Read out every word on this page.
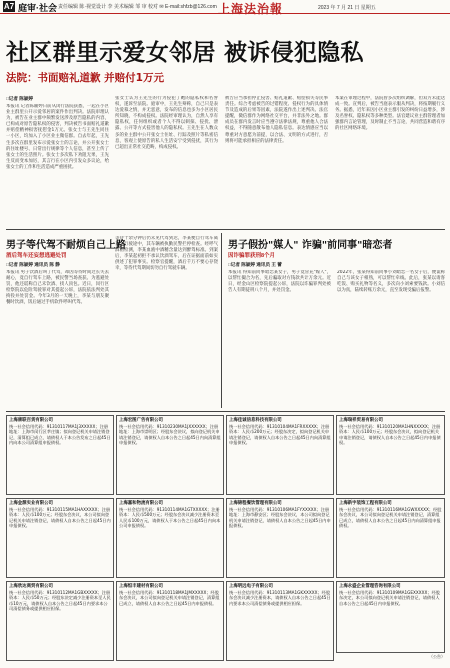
A7 庭审·社会 责任编辑 陈·视觉设计 李 美术编辑 邹 审 校对 ✉ E-mail:shfzb@126.com 上海法治報	2023 年 7 月 21 日 星期五
社区群里示爱女邻居 被诉侵犯隐私
法院：书面赔礼道歉 并赔付1万元
□记者 陈颖婷
本报讯 记者陈颖婷日前从闵行法院获悉，一起在小区业主群里公开示爱邻居的案件作出判决。法院审理认为，被告在业主群中频繁发送涉及原告隐私的内容，已构成对原告隐私权的侵害，判决被告书面赔礼道歉并赔偿精神损害抚慰金1万元。张女士与王先生同住一小区，均加入了小区业主微信群。自去年起，王先生多次在群里发布示爱张女士的言论，并公开张女士的住址楼号、日常出行规律等个人信息，甚至上传了张女士的生活照片。张女士多次私下劝阻无果，王先生反而变本加厉，其言行在小区内引发众多议论，给张女士的工作和生活造成严重困扰。
张女士认为王先生的行为侵犯了她的隐私权和名誉权，遂诉至法院。庭审中，王先生辩称，自己只是表达爱慕之情，并无恶意，发布的信息也多为小区居民所知晓，不构成侵权。法院经审理认为，自然人享有隐私权，任何组织或者个人不得以刺探、侵扰、泄露、公开等方式侵害他人的隐私权。王先生在人数众多的业主群中公开张女士住址、行踪及照片等私密信息，客观上使原告的私人生活安宁受到侵扰，其行为已超出正常社交范畴，构成侵权。
被告应当承担停止侵害、赔礼道歉、赔偿损失等民事责任。综合考虑被告的过错程度、侵权行为的具体情节及造成的后果等因素，法院遂作出上述判决。法官提醒，微信群作为网络社交平台，并非法外之地。群成员在群内发言时应当遵守法律法规，尊重他人合法权益，不得随意散布他人隐私信息。表达情感应当以尊重对方意愿为前提，以合法、文明的方式进行，否则将可能承担相应的法律责任。
本案在审理过程中，法院曾多次组织调解，但双方未能达成一致。宣判后，被告当庭表示服从判决，将按期履行义务。据悉，近年来因小区业主群引发的纠纷日益增多，涉及名誉权、隐私权等多种类型。法官建议业主群管理者加强群内言论管理，及时制止不当言论，共同营造和谐有序的社区网络环境。
男子等代驾不耐烦自己上路
酒后驾车还妄想逃避处罚
□记者 陈颖婷 通讯员 陈 静
本报讯 男子饮酒后叫了代驾，却因等待时间过长失去耐心，竟自行驾车上路，被民警当场查获。为逃避处罚，他还谎称自己未饮酒、找人顶包。近日，闵行区检察院以危险驾驶罪对其提起公诉，法院依法判处其拘役并处罚金。今年3月的一天晚上，李某与朋友聚餐时饮酒，饭后通过手机软件呼叫代驾。
等待十余分钟后仍未见代驾到达，李某便自行驾车离开。行驶途中，其车辆被执勤民警拦停检查。经呼气酒精检测，李某血液中酒精含量达到醉驾标准。到案后，李某起初拒不承认饮酒驾车，后在证据面前如实供述了犯罪事实。检察官提醒，酒后千万不要心存侥幸，等待代驾期间切勿自行驾驶车辆。
男子假扮"媒人" 诈骗"前同事"暗恋者
因诈骗罪获刑8个月
□记者 陈颖婷 通讯员 王 蕾
本报讯 得知前同事暗恋某女子，男子竟冒充"媒人"，以帮忙撮合为名，先后骗取对方钱款共计万余元。近日，经金山区检察院提起公诉，法院以诈骗罪判处被告人有期徒刑八个月，并处罚金。
2022年，张某得知前同事小刘暗恋一名女子后，便谎称自己与该女子相熟，可以帮忙牵线。此后，张某以请客吃饭、购买礼物等名义，多次向小刘索要钱款。小刘信以为真，陆续转账万余元，直至发现受骗后报警。
上海康联百货有限公司
统一社会信用代码：91310117MA1J3XXXXX；注册地址：上海市闵行区莘庄镇；拟向登记机关申请注销登记，清算组已成立，请债权人于本公告发布之日起45日内向本公司清算组申报债权。
上海金源实业有限公司
统一社会信用代码：91310115MA1HAXXXXX；注册资本：人民币100万元；经股东会决议，本公司拟向登记机关申请注销登记，请债权人自本公告之日起45日内申报债权。
上海欣达商贸有限公司
统一社会信用代码：91310112MA1GBXXXXX；注册资本：人民币50万元；经股东决定减少注册资本至人民币10万元，请债权人自本公告之日起45日内要求本公司清偿债务或提供相应担保。
上海宏图广告有限公司
统一社会信用代码：91310230MA1JXXXXXX；注册地址：上海市崇明区；经股东会决议，拟向登记机关申请注销登记，请债权人自本公告之日起45日内向清算组申报债权。
上海嘉和物流有限公司
统一社会信用代码：91310114MA1GTXXXXX；注册资本：人民币500万元；经股东会决议减少注册资本至人民币100万元，请债权人于本公告之日起45日内向本公司申报债权。
上海恒丰建材有限公司
统一社会信用代码：91310118MA1JMXXXXX；经股东会决议，本公司拟向登记机关申请注销登记，清算组已成立，请债权人自本公告之日起45日内申报债权。
上海佳诚信息科技有限公司
统一社会信用代码：91310104MA1FRXXXXX；注册资本：人民币200万元；经股东决定，拟向登记机关申请注销登记，请债权人自本公告之日起45日内向清算组申报债权。
上海锦程餐饮管理有限公司
统一社会信用代码：91310106MA1FYXXXXX；注册地址：上海市静安区；经股东会决议，本公司拟向登记机关申请注销登记，请债权人自本公告之日起45日内申报债权。
上海明远电子有限公司
统一社会信用代码：91310113MA1GKXXXXX；经股东会决议减少注册资本，请债权人自本公告之日起45日内要求本公司清偿债务或提供相应担保。
上海瑞祥贸易有限公司
统一社会信用代码：91310120MA1HNXXXXX；注册资本：人民币100万元；经股东会决议，拟向登记机关申请注销登记，请债权人自本公告之日起45日内申报债权。
上海新宇装饰工程有限公司
统一社会信用代码：91310116MA1GWXXXXX；经股东会决议，本公司拟向登记机关申请注销登记，清算组已成立，请债权人自本公告之日起45日内向清算组申报债权。
上海永盛企业管理咨询有限公司
统一社会信用代码：91310109MA1GEXXXXX；经股东决定，本公司拟向登记机关申请注销登记，请债权人自本公告之日起45日内申报债权。
（公告）
